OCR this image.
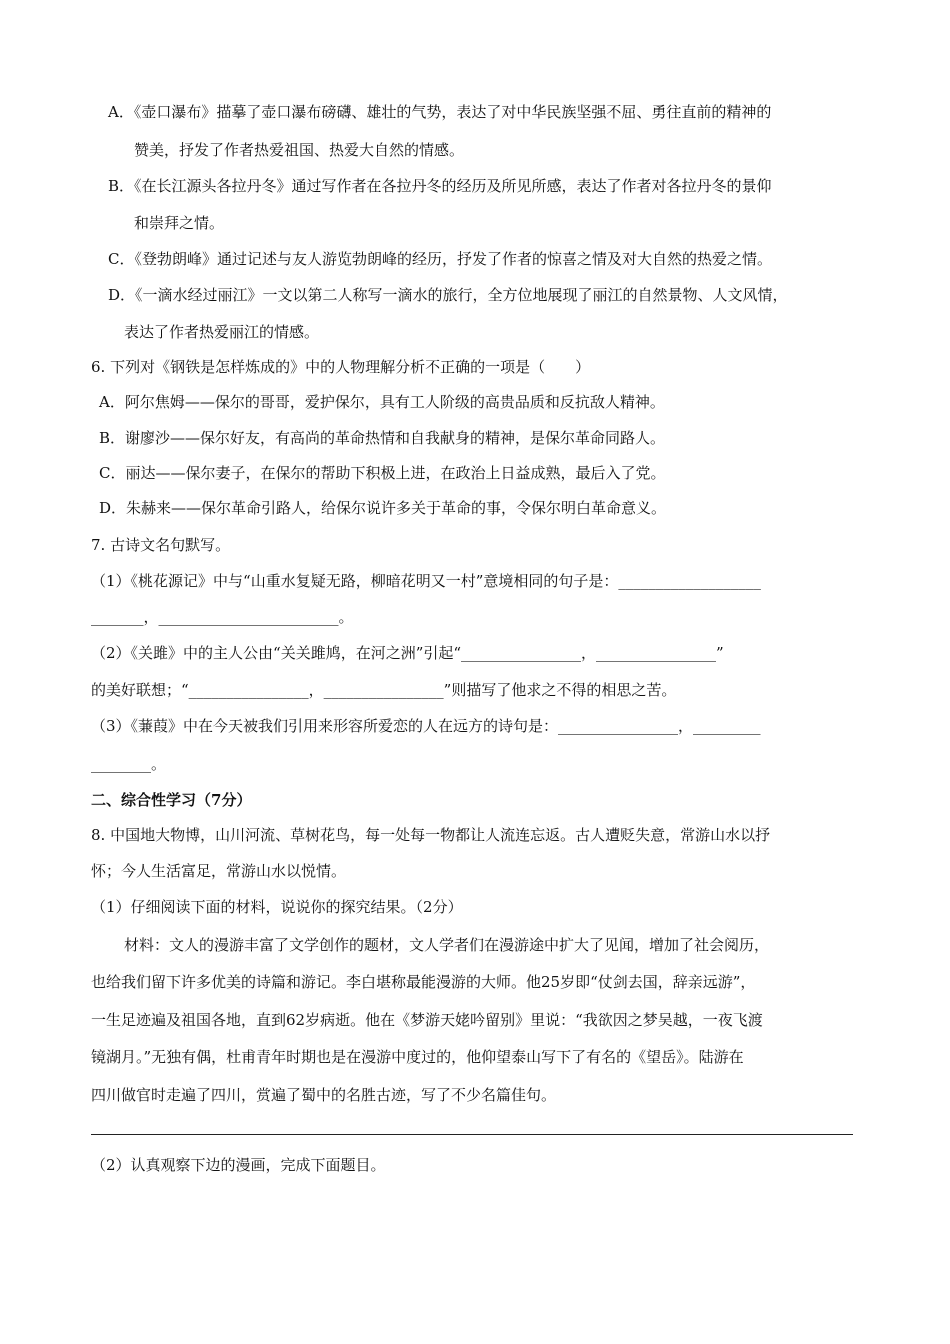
A．《壶口瀑布》描摹了壶口瀑布磅礴、雄壮的气势，表达了对中华民族坚强不屈、勇往直前的精神的
赞美，抒发了作者热爱祖国、热爱大自然的情感。
B．《在长江源头各拉丹冬》通过写作者在各拉丹冬的经历及所见所感，表达了作者对各拉丹冬的景仰
和崇拜之情。
C．《登勃朗峰》通过记述与友人游览勃朗峰的经历，抒发了作者的惊喜之情及对大自然的热爱之情。
D．《一滴水经过丽江》一文以第二人称写一滴水的旅行，全方位地展现了丽江的自然景物、人文风情，
表达了作者热爱丽江的情感。
6. 下列对《钢铁是怎样炼成的》中的人物理解分析不正确的一项是（　　）
A．阿尔焦姆——保尔的哥哥，爱护保尔，具有工人阶级的高贵品质和反抗敌人精神。
B．谢廖沙——保尔好友，有高尚的革命热情和自我献身的精神，是保尔革命同路人。
C．丽达——保尔妻子，在保尔的帮助下积极上进，在政治上日益成熟，最后入了党。
D．朱赫来——保尔革命引路人，给保尔说许多关于革命的事，令保尔明白革命意义。
7. 古诗文名句默写。
（1）《桃花源记》中与“山重水复疑无路，柳暗花明又一村”意境相同的句子是：___________________
_______，________________________。
（2）《关雎》中的主人公由“关关雎鸠，在河之洲”引起“________________，________________”
的美好联想；“________________，________________”则描写了他求之不得的相思之苦。
（3）《蒹葭》中在今天被我们引用来形容所爱恋的人在远方的诗句是：________________，_________
________。
二、综合性学习（7分）
8. 中国地大物博，山川河流、草树花鸟，每一处每一物都让人流连忘返。古人遭贬失意，常游山水以抒
怀；今人生活富足，常游山水以悦情。
（1）仔细阅读下面的材料，说说你的探究结果。（2分）
材料：文人的漫游丰富了文学创作的题材，文人学者们在漫游途中扩大了见闻，增加了社会阅历，
也给我们留下许多优美的诗篇和游记。李白堪称最能漫游的大师。他25岁即“仗剑去国，辞亲远游”，
一生足迹遍及祖国各地，直到62岁病逝。他在《梦游天姥吟留别》里说：“我欲因之梦吴越，一夜飞渡
镜湖月。”无独有偶，杜甫青年时期也是在漫游中度过的，他仰望泰山写下了有名的《望岳》。陆游在
四川做官时走遍了四川，赏遍了蜀中的名胜古迹，写了不少名篇佳句。
（2）认真观察下边的漫画，完成下面题目。
